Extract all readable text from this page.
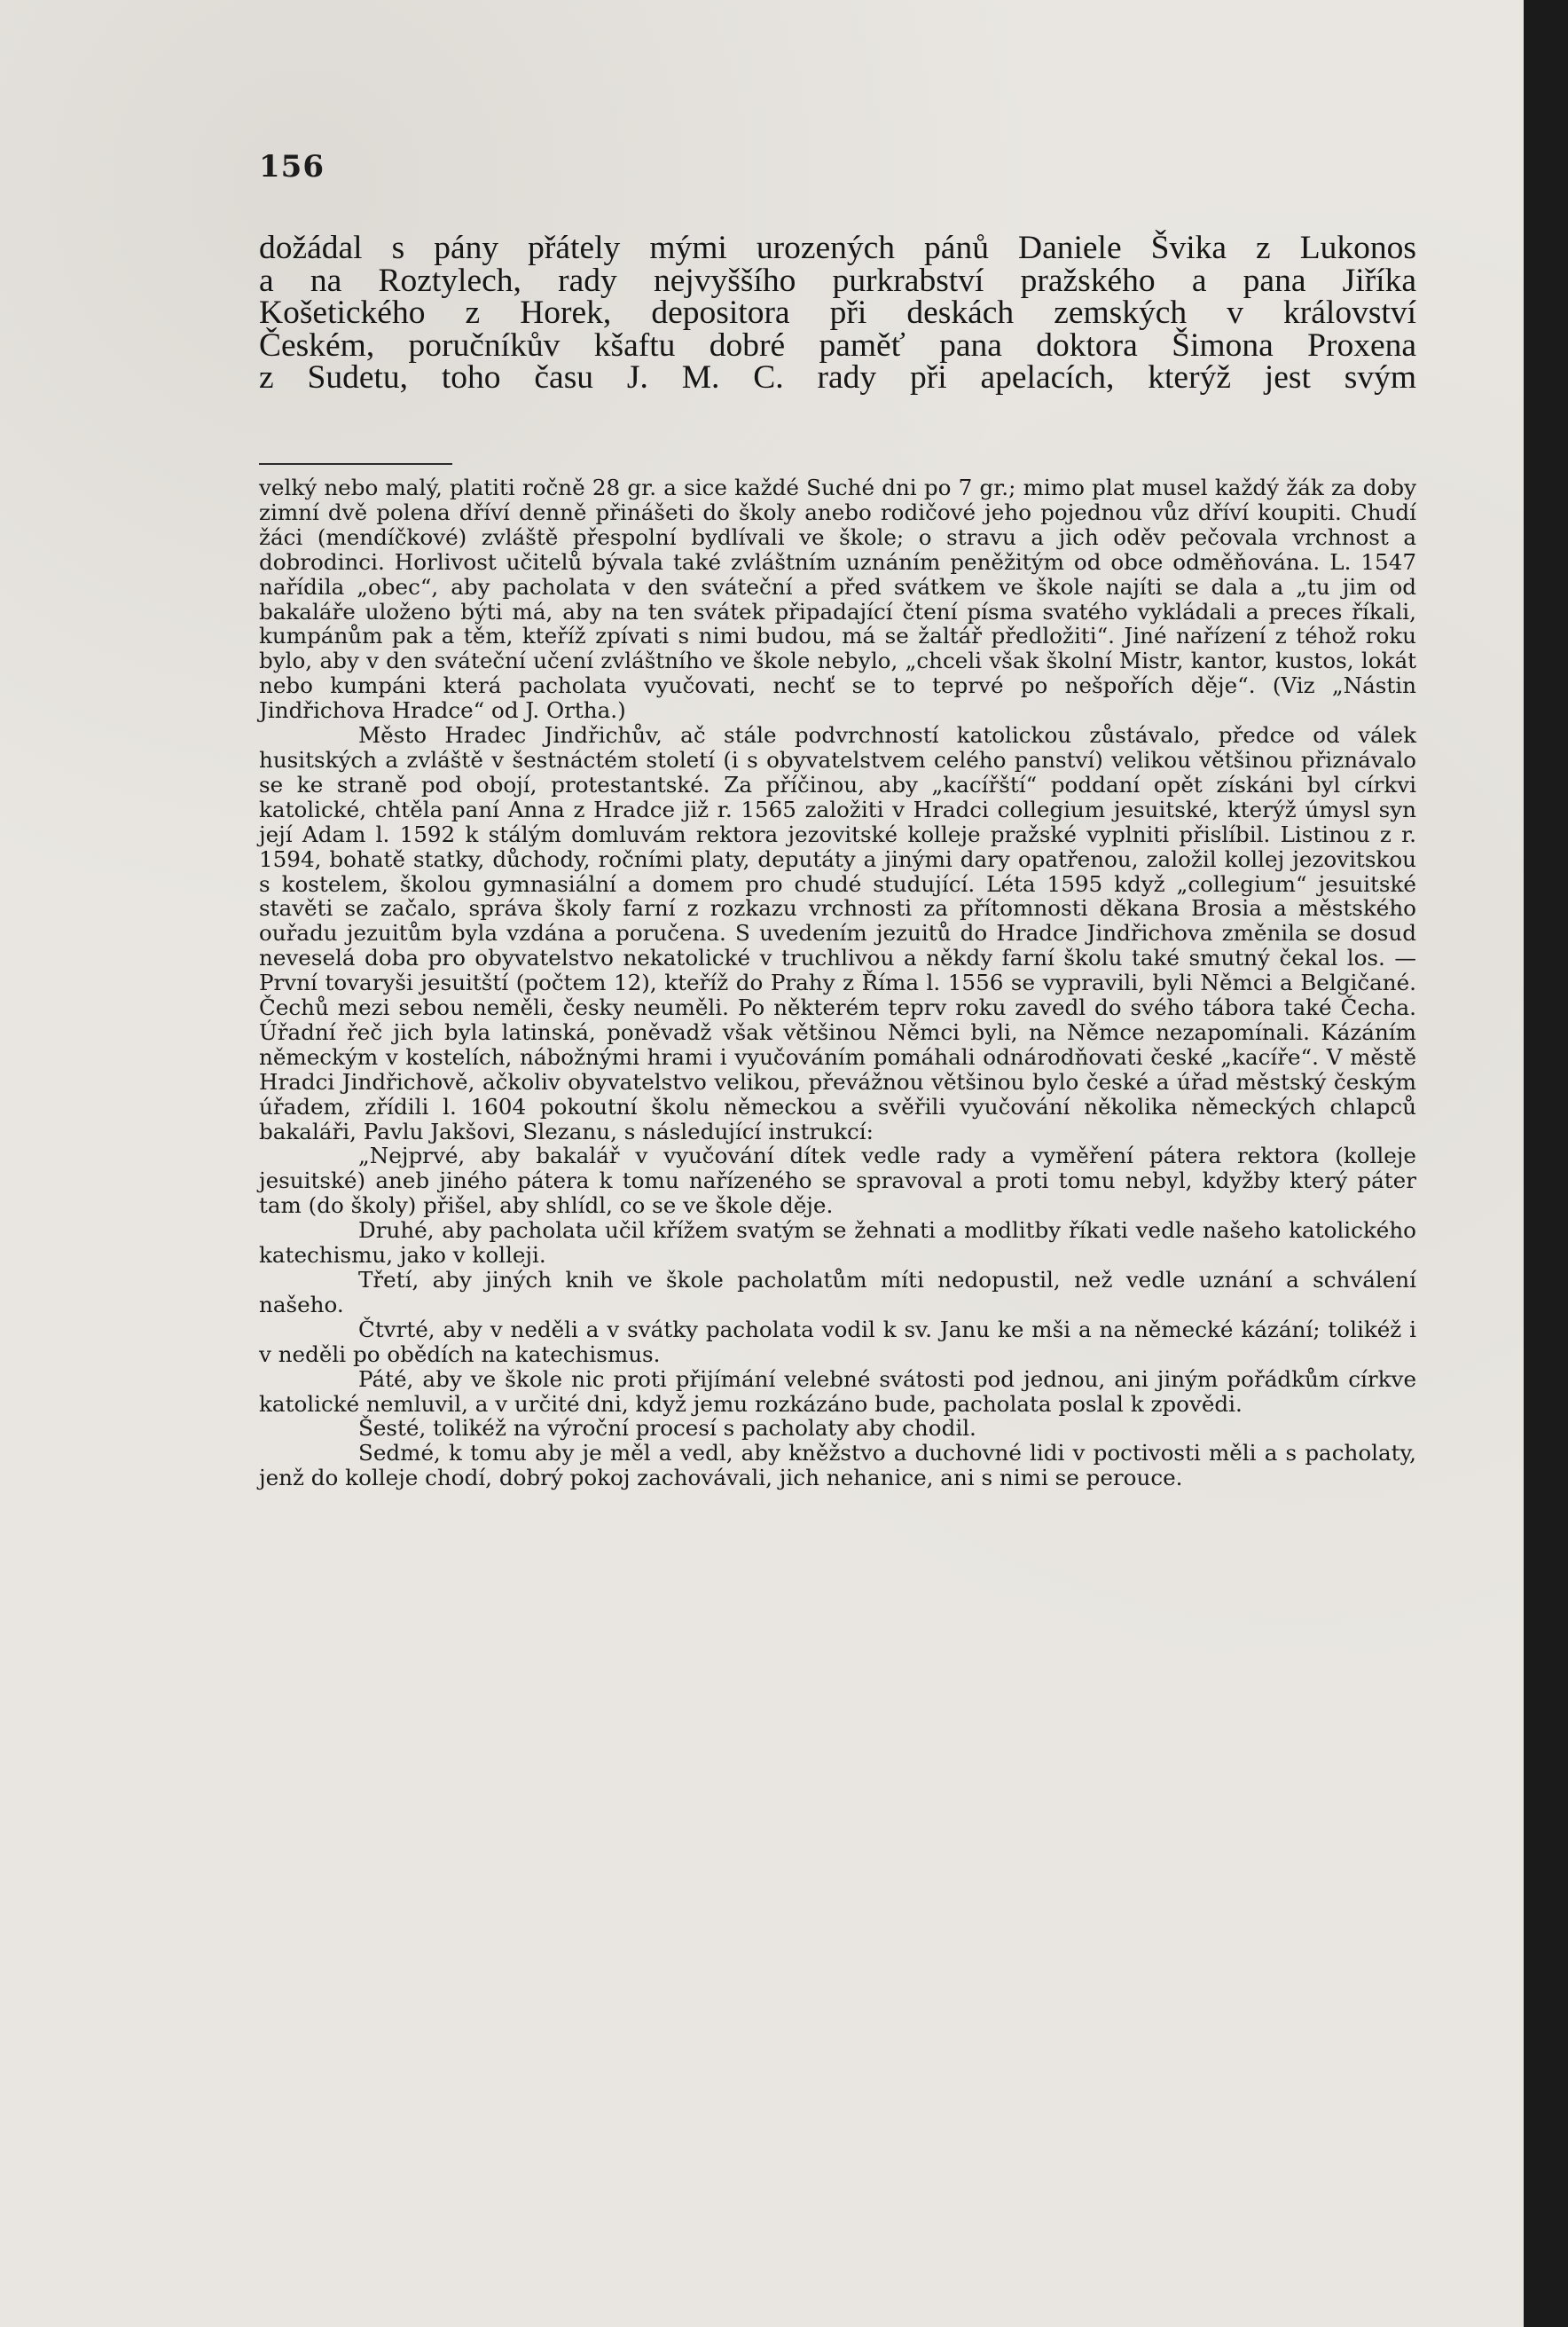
156
dožádal s pány přátely mými urozených pánů Daniele Švika z Lukonos
a na Roztylech, rady nejvyššího purkrabství pražského a pana Jiříka
Košetického z Horek, depositora při deskách zemských v království
Českém, poručníkův kšaftu dobré paměť pana doktora Šimona Proxena
z Sudetu, toho času J. M. C. rady při apelacích, kterýž jest svým

velký nebo malý, platiti ročně 28 gr. a sice každé Suché dni po 7 gr.; mimo plat musel každý žák za doby zimní dvě polena dříví denně přinášeti do školy anebo rodičové jeho pojednou vůz dříví koupiti. Chudí žáci (mendíčkové) zvláště přespolní bydlívali ve škole; o stravu a jich oděv pečovala vrchnost a dobrodinci. Horlivost učitelů bývala také zvláštním uznáním peněžitým od obce odměňována. L. 1547 nařídila „obec“, aby pacholata v den sváteční a před svátkem ve škole najíti se dala a „tu jim od bakaláře uloženo býti má, aby na ten svátek připadající čtení písma svatého vykládali a preces říkali, kumpánům pak a těm, kteříž zpívati s nimi budou, má se žaltář předložiti“. Jiné nařízení z téhož roku bylo, aby v den sváteční učení zvláštního ve škole nebylo, „chceli však školní Mistr, kantor, kustos, lokát nebo kumpáni která pacholata vyučovati, nechť se to teprvé po nešpořích děje“. (Viz „Nástin Jindřichova Hradce“ od J. Ortha.)

Město Hradec Jindřichův, ač stále podvrchností katolickou zůstávalo, předce od válek husitských a zvláště v šestnáctém století (i s obyvatelstvem celého panství) velikou většinou přiznávalo se ke straně pod obojí, protestantské. Za příčinou, aby „kacířští“ poddaní opět získáni byl církvi katolické, chtěla paní Anna z Hradce již r. 1565 založiti v Hradci collegium jesuitské, kterýž úmysl syn její Adam l. 1592 k stálým domluvám rektora jezovitské kolleje pražské vyplniti přislíbil. Listinou z r. 1594, bohatě statky, důchody, ročními platy, deputáty a jinými dary opatřenou, založil kollej jezovitskou s kostelem, školou gymnasiální a domem pro chudé studující. Léta 1595 když „collegium“ jesuitské stavěti se začalo, správa školy farní z rozkazu vrchnosti za přítomnosti děkana Brosia a městského ouřadu jezuitům byla vzdána a poručena. S uvedením jezuitů do Hradce Jindřichova změnila se dosud neveselá doba pro obyvatelstvo nekatolické v truchlivou a někdy farní školu také smutný čekal los. — První tovaryši jesuitští (počtem 12), kteříž do Prahy z Říma l. 1556 se vypravili, byli Němci a Belgičané. Čechů mezi sebou neměli, česky neuměli. Po některém teprv roku zavedl do svého tábora také Čecha. Úřadní řeč jich byla latinská, poněvadž však většinou Němci byli, na Němce nezapomínali. Kázáním německým v kostelích, nábožnými hrami i vyučováním pomáhali odnárodňovati české „kacíře“. V městě Hradci Jindřichově, ačkoliv obyvatelstvo velikou, převážnou většinou bylo české a úřad městský českým úřadem, zřídili l. 1604 pokoutní školu německou a svěřili vyučování několika německých chlapců bakaláři, Pavlu Jakšovi, Slezanu, s následující instrukcí:

„Nejprvé, aby bakalář v vyučování dítek vedle rady a vyměření pátera rektora (kolleje jesuitské) aneb jiného pátera k tomu nařízeného se spravoval a proti tomu nebyl, kdyžby který páter tam (do školy) přišel, aby shlídl, co se ve škole děje.

Druhé, aby pacholata učil křížem svatým se žehnati a modlitby říkati vedle našeho katolického katechismu, jako v kolleji.

Třetí, aby jiných knih ve škole pacholatům míti nedopustil, než vedle uznání a schválení našeho.

Čtvrté, aby v neděli a v svátky pacholata vodil k sv. Janu ke mši a na německé kázání; tolikéž i v neděli po obědích na katechismus.

Páté, aby ve škole nic proti přijímání velebné svátosti pod jednou, ani jiným pořádkům církve katolické nemluvil, a v určité dni, když jemu rozkázáno bude, pacholata poslal k zpovědi.

Šesté, tolikéž na výroční procesí s pacholaty aby chodil.

Sedmé, k tomu aby je měl a vedl, aby kněžstvo a duchovné lidi v poctivosti měli a s pacholaty, jenž do kolleje chodí, dobrý pokoj zachovávali, jich nehanice, ani s nimi se perouce.
